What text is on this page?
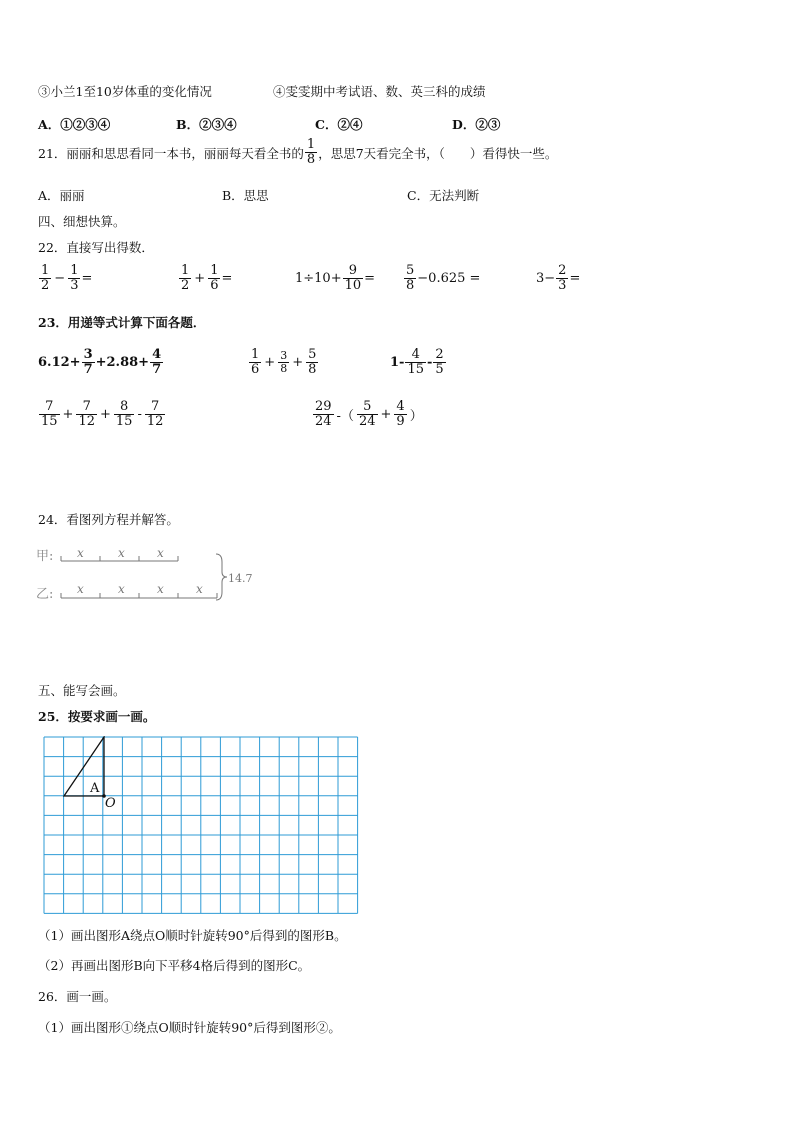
③小兰1至10岁体重的变化情况	④雯雯期中考试语、数、英三科的成绩
A．①②③④	B．②③④	C．②④	D．②③
21．丽丽和思思看同一本书，丽丽每天看全书的 $\frac{1}{8}$ ，思思7天看完全书，（　　）看得快一些。
A．丽丽	B．思思	C．无法判断
四、细想快算。
22．直接写出得数．
$\frac{1}{2} - \frac{1}{3}$ =	$\frac{1}{2} + \frac{1}{6}$ =	$1\div 10+ \frac{9}{10} = \frac{5}{8} -0.625$ =	$3- \frac{2}{3}$ =
23．用递等式计算下面各题．
$6.12+ \frac{3}{7} +2.88+ \frac{4}{7}$	$\frac{1}{6} + \frac{3}{8} + \frac{5}{8}$	$1- \frac{4}{15} - \frac{2}{5}$
$\frac{7}{15} + \frac{7}{12} + \frac{8}{15} - \frac{7}{12}$	$\frac{29}{24}$ -（ $\frac{5}{24} + \frac{4}{9}$ ）
24．看图列方程并解答。
甲:
乙:
x	x	x
x	x	x	x
14.7
五、能写会画。
25．按要求画一画。
A
O
（1）画出图形A绕点O顺时针旋转90°后得到的图形B。
（2）再画出图形B向下平移4格后得到的图形C。
26．画一画。
（1）画出图形①绕点O顺时针旋转90°后得到图形②。
